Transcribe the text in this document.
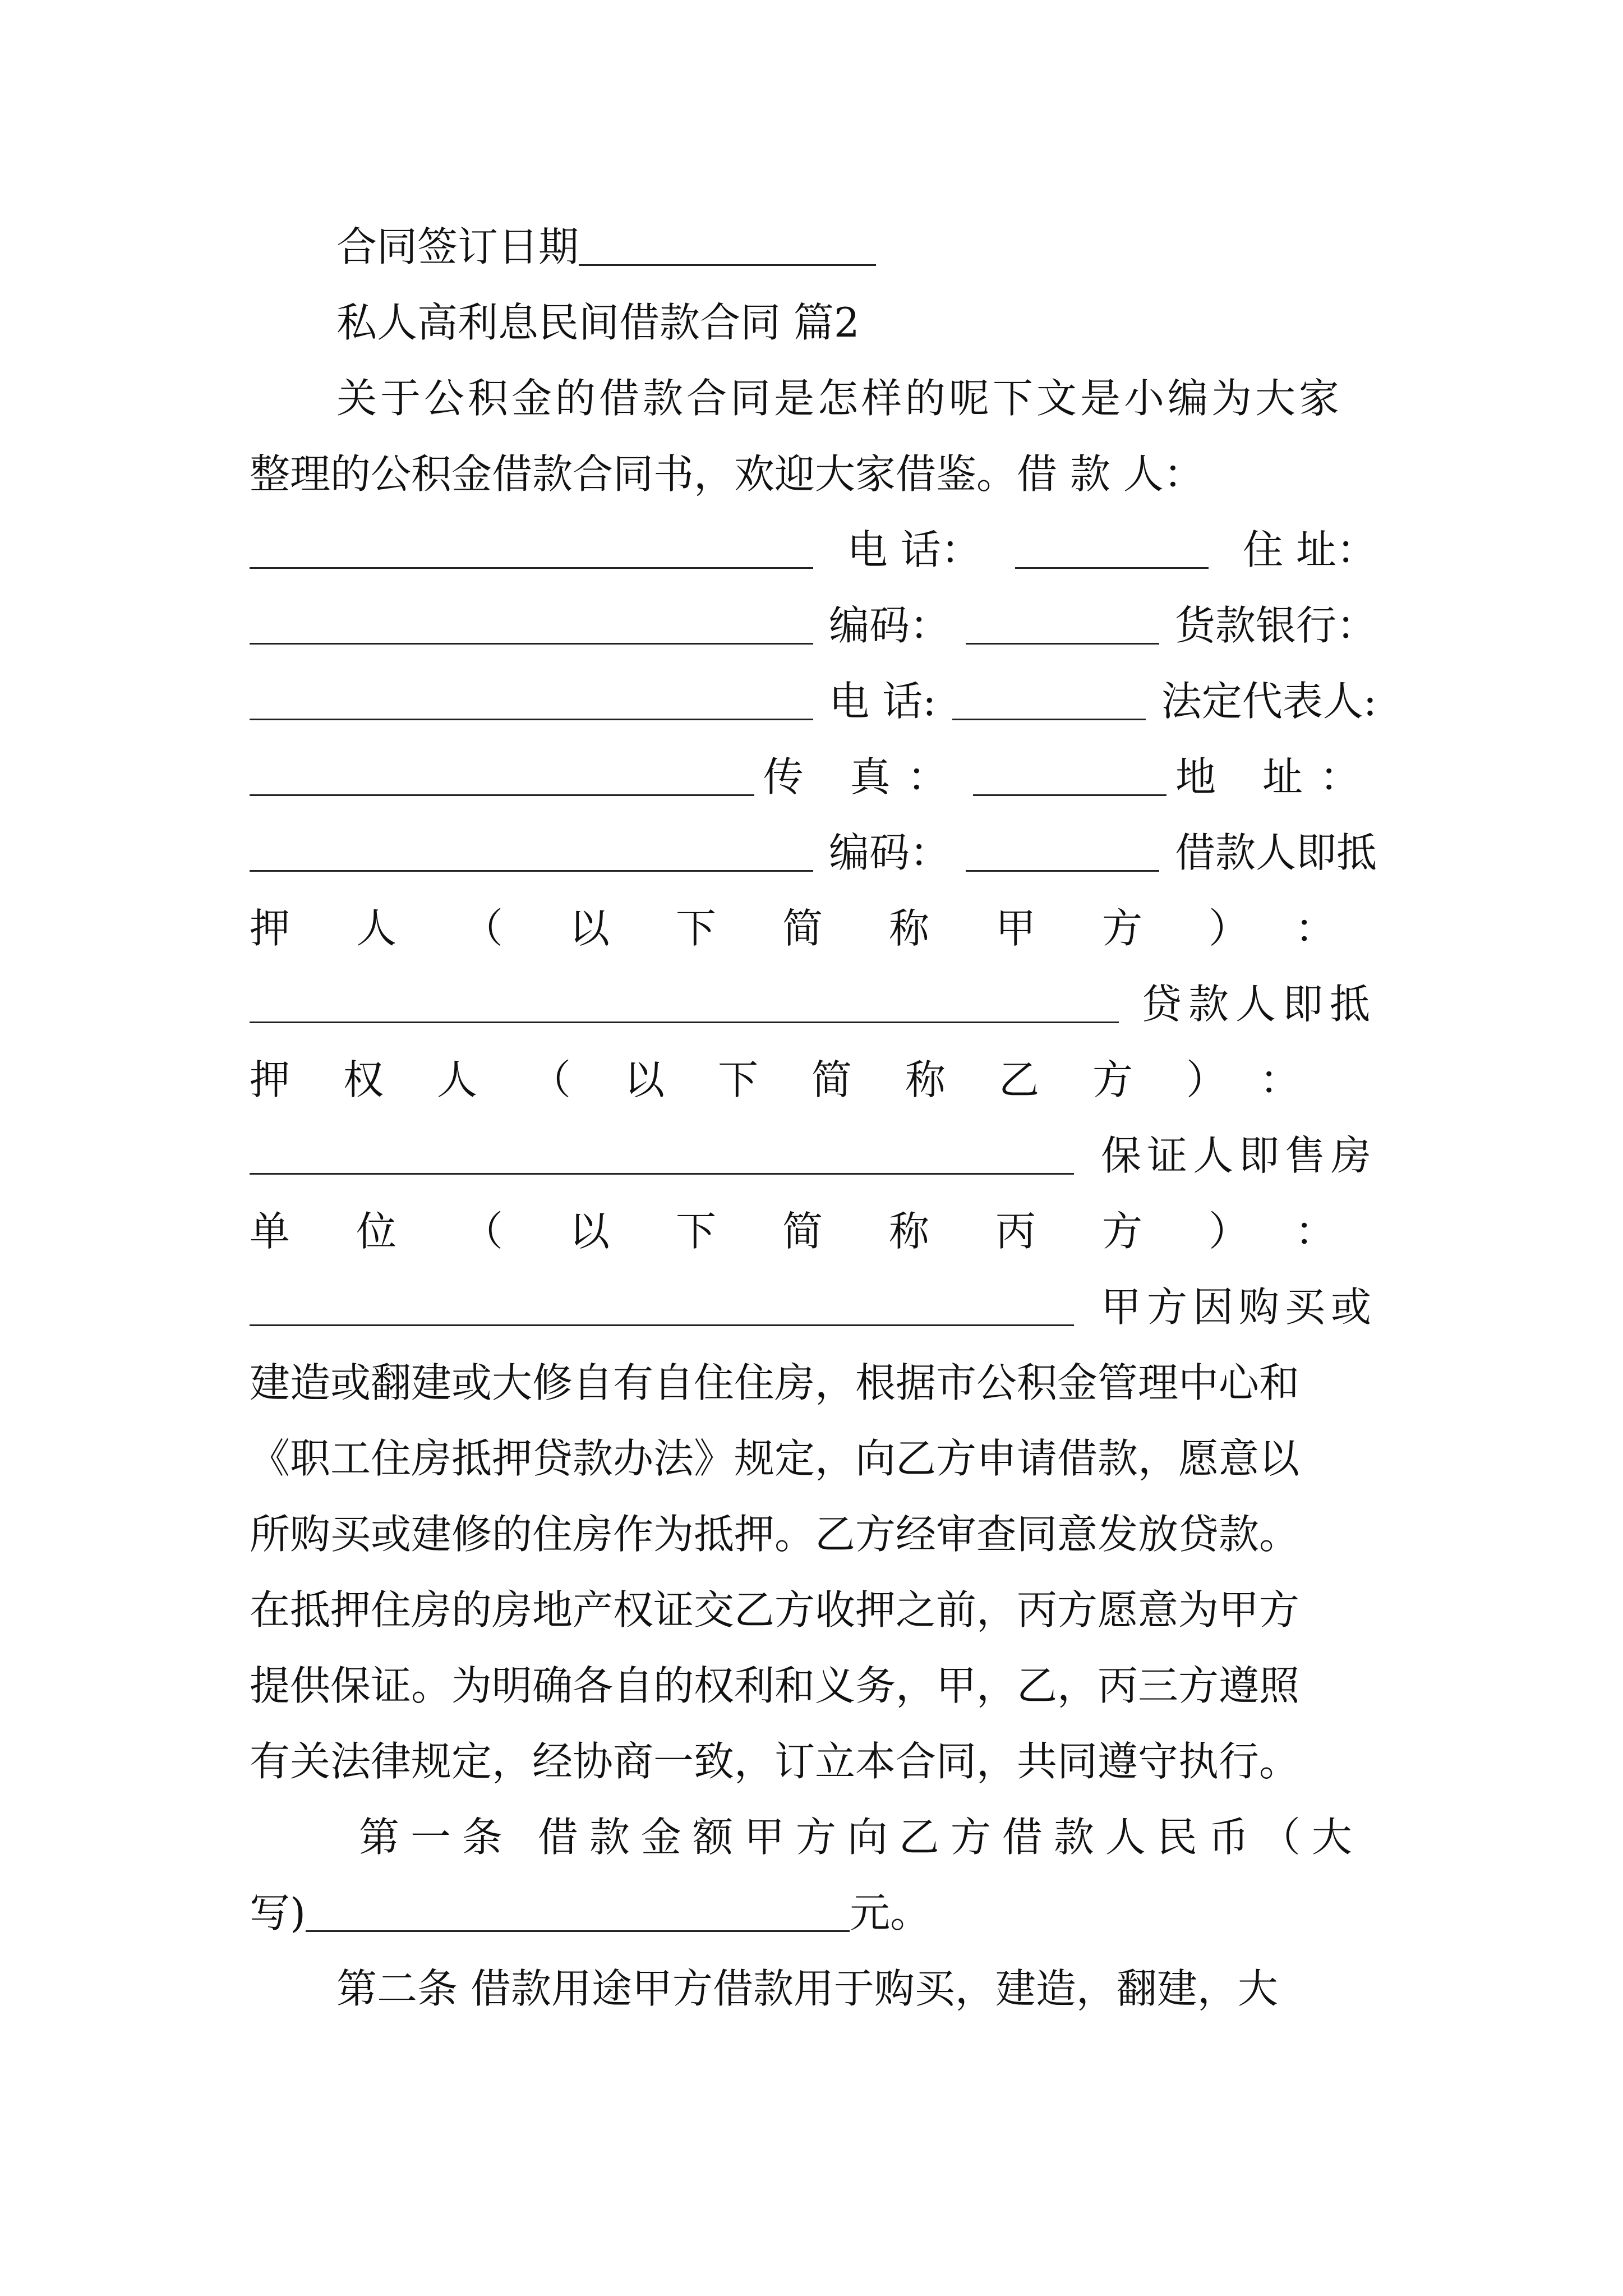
合同签订日期
私人高利息民间借款合同 篇2
关于公积金的借款合同是怎样的呢下文是小编为大家
整理的公积金借款合同书，欢迎大家借鉴。借 款 人：
电 话：	住 址：
编码：	货款银行：
电 话:	法定代表人:
传 真：	地 址：
编码：	借款人即抵
押人（以下简称甲方）：
贷款人即抵
押权人（以下简称乙方）：
保证人即售房
单位（以下简称丙方）：
甲方因购买或
建造或翻建或大修自有自住住房，根据市公积金管理中心和
《职工住房抵押贷款办法》规定，向乙方申请借款，愿意以
所购买或建修的住房作为抵押。乙方经审查同意发放贷款。
在抵押住房的房地产权证交乙方收押之前，丙方愿意为甲方
提供保证。为明确各自的权利和义务，甲，乙，丙三方遵照
有关法律规定，经协商一致，订立本合同，共同遵守执行。
第一条 借款金额甲方向乙方借款人民币（大
写)	元。
第二条 借款用途甲方借款用于购买，建造，翻建，大
